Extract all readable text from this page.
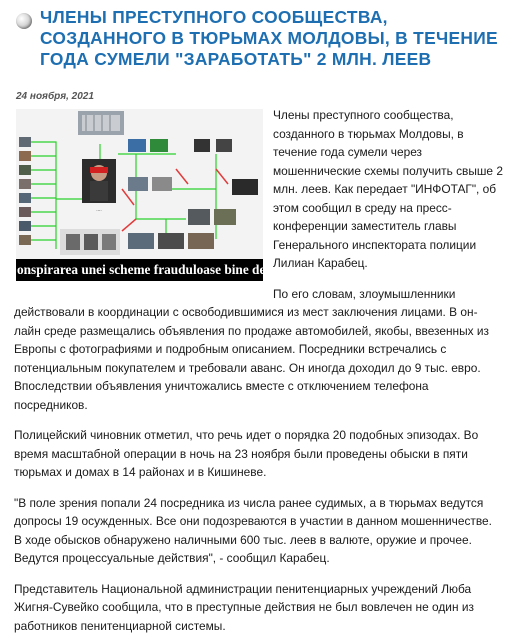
ЧЛЕНЫ ПРЕСТУПНОГО СООБЩЕСТВА, СОЗДАННОГО В ТЮРЬМАХ МОЛДОВЫ, В ТЕЧЕНИЕ ГОДА СУМЕЛИ "ЗАРАБОТАТЬ" 2 МЛН. ЛЕЕВ
24 ноября, 2021
....
onspirarea unei scheme frauduloase bine determi

Члены преступного сообщества, созданного в тюрьмах Молдовы, в течение года сумели через мошеннические схемы получить свыше 2 млн. леев. Как передает "ИНФОТАГ", об этом сообщил в среду на пресс-конференции заместитель главы Генерального инспектората полиции Лилиан Карабец.

По его словам, злоумышленники действовали в координации с освободившимися из мест заключения лицами. В он-лайн среде размещались объявления по продаже автомобилей, якобы, ввезенных из Европы с фотографиями и подробным описанием. Посредники встречались с потенциальным покупателем и требовали аванс. Он иногда доходил до 9 тыс. евро. Впоследствии объявления уничтожались вместе с отключением телефона посредников.

Полицейский чиновник отметил, что речь идет о порядка 20 подобных эпизодах. Во время масштабной операции в ночь на 23 ноября были проведены обыски в пяти тюрьмах и домах в 14 районах и в Кишиневе.

"В поле зрения попали 24 посредника из числа ранее судимых, а в тюрьмах ведутся допросы 19 осужденных. Все они подозреваются в участии в данном мошенничестве. В ходе обысков обнаружено наличными 600 тыс. леев в валюте, оружие и прочее. Ведутся процессуальные действия", - сообщил Карабец.

Представитель Национальной администрации пенитенциарных учреждений Люба Жигня-Сувейко сообщила, что в преступные действия не был вовлечен не один из работников пенитенциарной системы.
